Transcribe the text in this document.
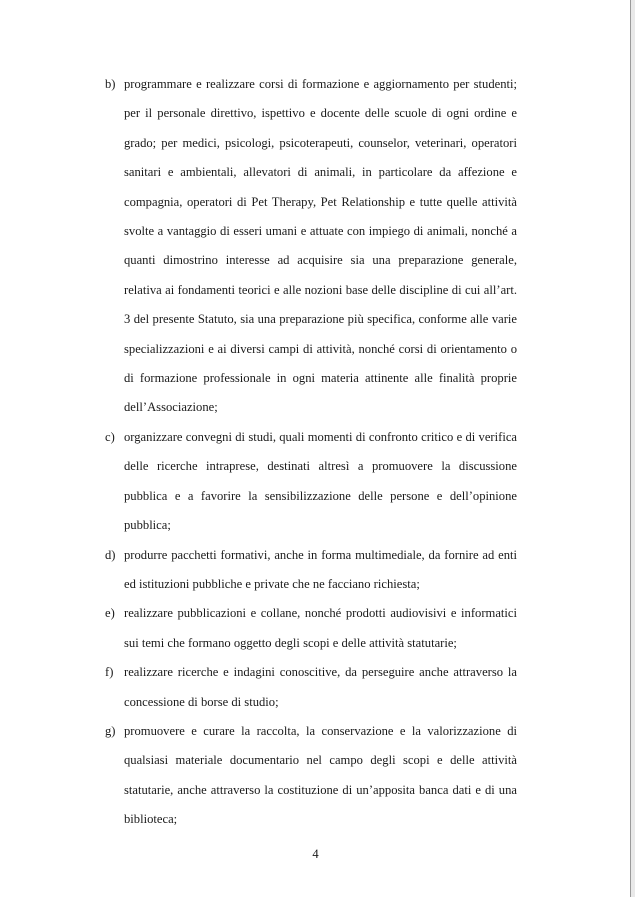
b) programmare e realizzare corsi di formazione e aggiornamento per studenti; per il personale direttivo, ispettivo e docente delle scuole di ogni ordine e grado; per medici, psicologi, psicoterapeuti, counselor, veterinari, operatori sanitari e ambientali, allevatori di animali, in particolare da affezione e compagnia, operatori di Pet Therapy, Pet Relationship e tutte quelle attività svolte a vantaggio di esseri umani e attuate con impiego di animali, nonché a quanti dimostrino interesse ad acquisire sia una preparazione generale, relativa ai fondamenti teorici e alle nozioni base delle discipline di cui all’art. 3 del presente Statuto, sia una preparazione più specifica, conforme alle varie specializzazioni e ai diversi campi di attività, nonché corsi di orientamento o di formazione professionale in ogni materia attinente alle finalità proprie dell’Associazione;
c) organizzare convegni di studi, quali momenti di confronto critico e di verifica delle ricerche intraprese, destinati altresì a promuovere la discussione pubblica e a favorire la sensibilizzazione delle persone e dell’opinione pubblica;
d) produrre pacchetti formativi, anche in forma multimediale, da fornire ad enti ed istituzioni pubbliche e private che ne facciano richiesta;
e) realizzare pubblicazioni e collane, nonché prodotti audiovisivi e informatici sui temi che formano oggetto degli scopi e delle attività statutarie;
f) realizzare ricerche e indagini conoscitive, da perseguire anche attraverso la concessione di borse di studio;
g) promuovere e curare la raccolta, la conservazione e la valorizzazione di qualsiasi materiale documentario nel campo degli scopi e delle attività statutarie, anche attraverso la costituzione di un’apposita banca dati e di una biblioteca;
4
